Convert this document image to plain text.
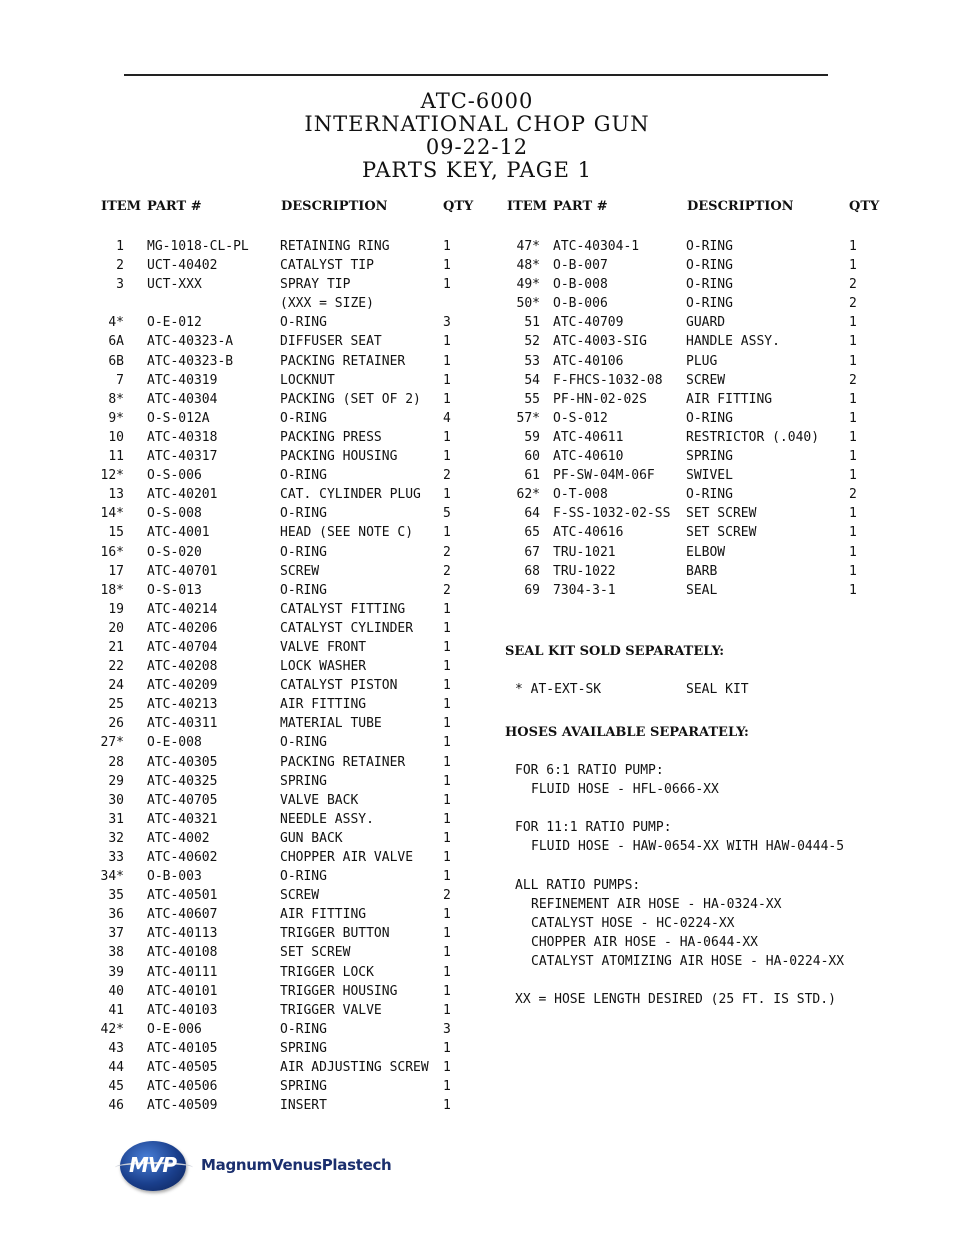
ATC-6000
INTERNATIONAL CHOP GUN
09-22-12
PARTS KEY, PAGE 1
ITEM PART #	DESCRIPTION	QTY	ITEM PART #	DESCRIPTION	QTY
1 MG-1018-CL-PL RETAINING RING	1
2 UCT-40402	CATALYST TIP	1
3 UCT-XXX	SPRAY TIP	1
(XXX = SIZE)
4* O-E-012	O-RING	3
6A ATC-40323-A	DIFFUSER SEAT	1
6B ATC-40323-B	PACKING RETAINER	1
7 ATC-40319	LOCKNUT	1
8* ATC-40304	PACKING (SET OF 2) 1
9* O-S-012A	O-RING	4
10 ATC-40318	PACKING PRESS	1
11 ATC-40317	PACKING HOUSING	1
12* O-S-006	O-RING	2
13 ATC-40201	CAT. CYLINDER PLUG 1
14* O-S-008	O-RING	5
15 ATC-4001	HEAD (SEE NOTE C) 1
16* O-S-020	O-RING	2
17 ATC-40701	SCREW	2
18* O-S-013	O-RING	2
19 ATC-40214	CATALYST FITTING	1
20 ATC-40206	CATALYST CYLINDER 1
21 ATC-40704	VALVE FRONT	1
22 ATC-40208	LOCK WASHER	1
24 ATC-40209	CATALYST PISTON	1
25 ATC-40213	AIR FITTING	1
26 ATC-40311	MATERIAL TUBE	1
27* O-E-008	O-RING	1
28 ATC-40305	PACKING RETAINER	1
29 ATC-40325	SPRING	1
30 ATC-40705	VALVE BACK	1
31 ATC-40321	NEEDLE ASSY.	1
32 ATC-4002	GUN BACK	1
33 ATC-40602	CHOPPER AIR VALVE 1
34* O-B-003	O-RING	1
35 ATC-40501	SCREW	2
36 ATC-40607	AIR FITTING	1
37 ATC-40113	TRIGGER BUTTON	1
38 ATC-40108	SET SCREW	1
39 ATC-40111	TRIGGER LOCK	1
40 ATC-40101	TRIGGER HOUSING	1
41 ATC-40103	TRIGGER VALVE	1
42* O-E-006	O-RING	3
43 ATC-40105	SPRING	1
44 ATC-40505	AIR ADJUSTING SCREW 1
45 ATC-40506	SPRING	1
46 ATC-40509	INSERT	1
47* ATC-40304-1	O-RING	1
48* O-B-007	O-RING	1
49* O-B-008	O-RING	2
50* O-B-006	O-RING	2
51 ATC-40709	GUARD	1
52 ATC-4003-SIG	HANDLE ASSY.	1
53 ATC-40106	PLUG	1
54 F-FHCS-1032-08 SCREW	2
55 PF-HN-02-02S	AIR FITTING	1
57* O-S-012	O-RING	1
59 ATC-40611	RESTRICTOR (.040) 1
60 ATC-40610	SPRING	1
61 PF-SW-04M-06F SWIVEL	1
62* O-T-008	O-RING	2
64 F-SS-1032-02-SS SET SCREW	1
65 ATC-40616	SET SCREW	1
67 TRU-1021	ELBOW	1
68 TRU-1022	BARB	1
69 7304-3-1	SEAL	1
SEAL KIT SOLD SEPARATELY:
* AT-EXT-SK	SEAL KIT
HOSES AVAILABLE SEPARATELY:
FOR 6:1 RATIO PUMP:
FLUID HOSE - HFL-0666-XX
FOR 11:1 RATIO PUMP:
FLUID HOSE - HAW-0654-XX WITH HAW-0444-5
ALL RATIO PUMPS:
REFINEMENT AIR HOSE - HA-0324-XX
CATALYST HOSE - HC-0224-XX
CHOPPER AIR HOSE - HA-0644-XX
CATALYST ATOMIZING AIR HOSE - HA-0224-XX
XX = HOSE LENGTH DESIRED (25 FT. IS STD.)
MVP MagnumVenusPlastech
